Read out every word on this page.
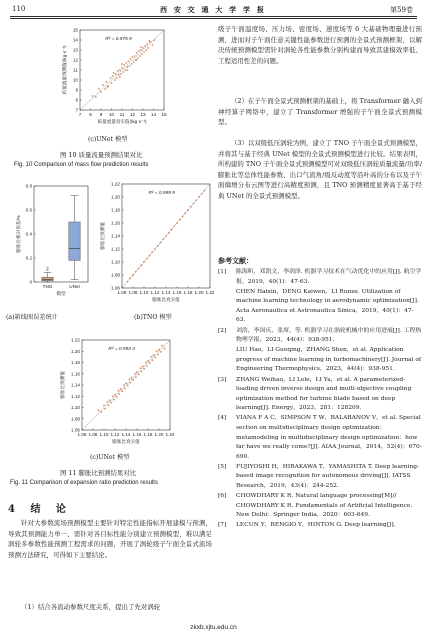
110	西 安 交 通 大 学 学 报	第59卷
7 8 9 10 11 12 13 14 15
7
8
9
10
11
12
13
14
15
R² = 0.975 9
质量流量真实值/(kg·s⁻¹)
质量流量预测值/(kg·s⁻¹)
(c)UNet 模型
图 10 质量流量预测结果对比
Fig. 10 Comparison of mass flow prediction results
0
0.2
0.4
0.6
0.8
TNO	UNet
模型
膨胀比相对误差/%
(a)箱线图误差统计
1.06 1.08 1.10 1.12 1.14 1.16 1.18 1.20 1.22
1.06
1.08
1.10
1.12
1.14
1.16
1.18
1.20
1.22
R² = 0.999 9
膨胀比真实值
膨胀比预测值
(b)TNO 模型
1.06 1.08 1.10 1.12 1.14 1.16 1.18 1.20 1.22
1.06
1.08
1.10
1.12
1.14
1.16
1.18
1.20
1.22
R² = 0.993 4
膨胀比真实值
膨胀比预测值
(c)UNet 模型
图 11 膨胀比预测结果对比
Fig. 11 Comparison of expansion ratio prediction results
4 结 论
针对大参数流场预测模型主要针对特定性能指标开展建模与预测，导致其预测能力单一、需针对各目标性能分别建立预测模型，难以满足涡轮多参数性能预测工程需求的问题，开展了涡轮级子午面全景式流场预测方法研究，可得如下主要结论。
（1）结合各流动参数尺度关系，提出了先对涡轮
级子午面温度场、压力场、密度场、速度场等 6 大基础物理量进行预测，进而对子午面任意关键性能参数进行预测的全景式预测框架，以解决传统预测模型需针对涡轮各性能参数分别构建而导致其建模效率低、工程适用性差的问题。
（2）在子午面全景式预测框架的基础上，将 Transformer 融入到神经算子网络中，建立了 Transformer 增强的子午面全景式预测模型。
（3）以双级低压涡轮为例，建立了 TNO 子午面全景式预测模型，并将其与基于经典 UNet 模型的全景式预测模型进行比较。结果表明，所构建的 TNO 子午面全景式预测模型可对双级低压涡轮质量流量/功率/膨胀比等总体性能参数、出口气流角/级反动度等沿叶高的分布以及子午面熵增分布云图等进行高精度预测，且 TNO 预测精度显著高于基于经典 UNet 的全景式预测模型。
参考文献：
[1] 陈海昕，邓凯文，李润泽. 机器学习技术在气动优化中的应用[J]. 航空学报，2019，40(1)：47-63.
CHEN Haixin，DENG Kaiwen，LI Runze. Utilization of machine learning technology in aerodynamic optimization[J]. Acta Aeronautica et Astronautica Sinica，2019，40(1)：47-63.
[2] 刘浩，李国庆，张席，等. 机器学习在涡轮机械中的应用进展[J]. 工程热物理学报，2023，44(4)：938-951.
LIU Hao，LI Guoqing，ZHANG Shen，et al. Application progress of machine learning in turbomachinery[J]. Journal of Engineering Thermophysics，2023，44(4)：938-951.
[3] ZHANG Weihao，LI Lele，LI Ya，et al. A parameterized-loading driven inverse design and multi-objective coupling optimization method for turbine blade based on deep learning[J]. Energy，2023，281：128209.
[4] VIANA F A C，SIMPSON T W，BALABANOV V，et al. Special section on multidisciplinary design optimization：metamodeling in multidisciplinary design optimization：how far have we really come?[J]. AIAA Journal，2014，52(4)：670-690.
[5] FUJIYOSHI H，HIRAKAWA T，YAMASHITA T. Deep learning-based image recognition for autonomous driving[J]. IATSS Research，2019，43(4)：244-252.
[6] CHOWDHARY K R. Natural language processing[M]// CHOWDHARY K R. Fundamentals of Artificial Intelligence. New Delhi：Springer India，2020：603-649.
[7] LECUN Y，BENGIO Y，HINTON G. Deep learning[J].
zkxb.xjtu.edu.cn
